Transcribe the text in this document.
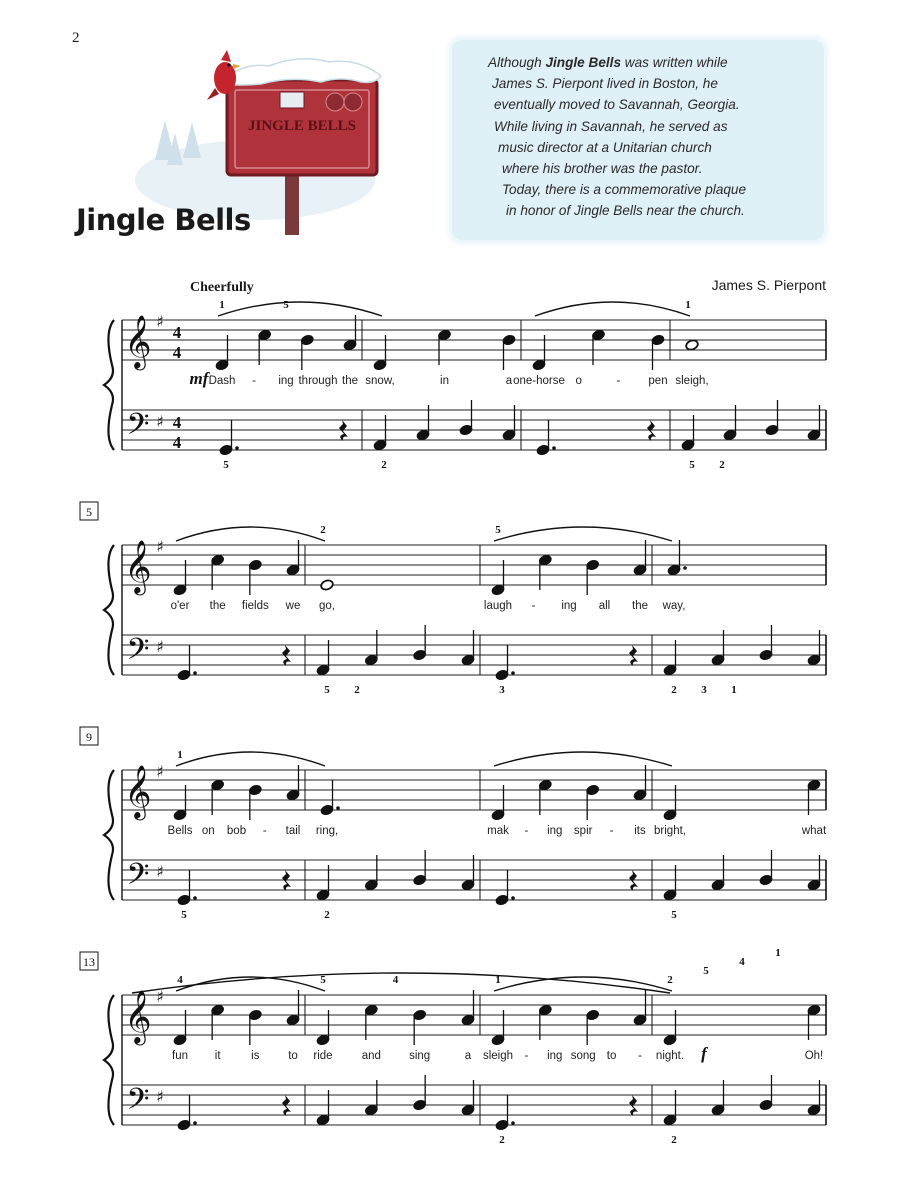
2
JINGLE BELLS
Jingle Bells
Although Jingle Bells was written while
James S. Pierpont lived in Boston, he
eventually moved to Savannah, Georgia.
While living in Savannah, he served as
music director at a Unitarian church
where his brother was the pastor.
Today, there is a commemorative plaque
in honor of Jingle Bells near the church.
Cheerfully	James S. Pierpont
𝄞
𝄢
♯
♯
4
4
4
4
Dash - ing through the
1	5
5
snow,	in	a
2
one-horse o	- pen sleigh,
1
5 2
mf
𝄞
𝄢
♯
♯
5
o'er the fields we go,
2
5 2
laugh - ing all the
5
3
way,
2 3 1
𝄞
𝄢
♯
♯
9
Bells on bob - tail
1
5
ring,
2
mak - ing spir - its bright,	what
5
𝄞
𝄢
♯
♯
13
fun it	is to
4
ride	and sing	a
5	4
sleigh - ing song to -
1
2
night.	Oh!
2
5
4
1
2
f
